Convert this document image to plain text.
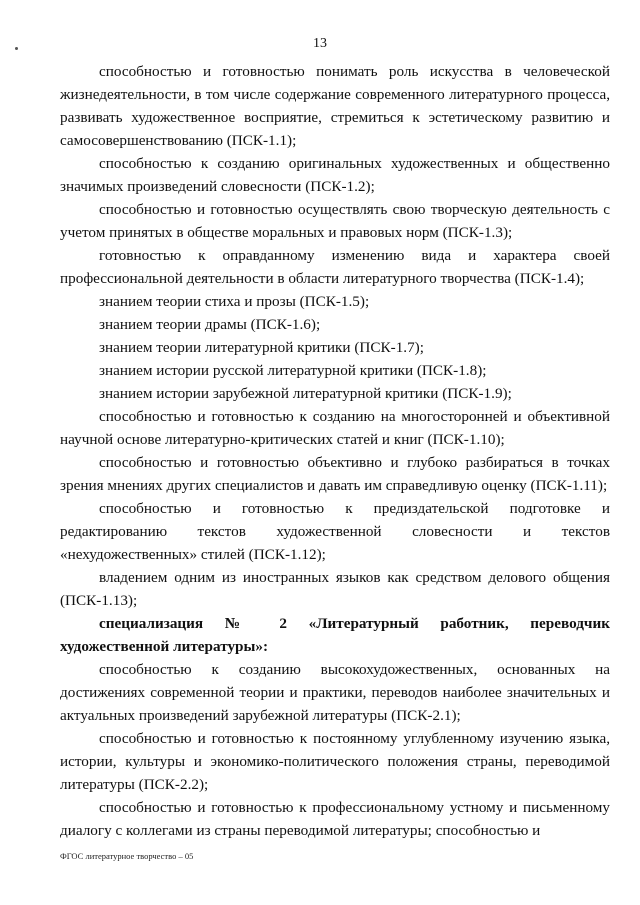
13

способностью и готовностью понимать роль искусства в человеческой жизнедеятельности, в том числе содержание современного литературного процесса, развивать художественное восприятие, стремиться к эстетическому развитию и самосовершенствованию (ПСК-1.1);

способностью к созданию оригинальных художественных и общественно значимых произведений словесности (ПСК-1.2);

способностью и готовностью осуществлять свою творческую деятельность с учетом принятых в обществе моральных и правовых норм (ПСК-1.3);

готовностью к оправданному изменению вида и характера своей профессиональной деятельности в области литературного творчества (ПСК-1.4);

знанием теории стиха и прозы (ПСК-1.5);

знанием теории драмы (ПСК-1.6);

знанием теории литературной критики (ПСК-1.7);

знанием истории русской литературной критики (ПСК-1.8);

знанием истории зарубежной литературной критики (ПСК-1.9);

способностью и готовностью к созданию на многосторонней и объективной научной основе литературно-критических статей и книг (ПСК-1.10);

способностью и готовностью объективно и глубоко разбираться в точках зрения мнениях других специалистов и давать им справедливую оценку (ПСК-1.11);

способностью и готовностью к предиздательской подготовке и редактированию текстов художественной словесности и текстов «нехудожественных» стилей (ПСК-1.12);

владением одним из иностранных языков как средством делового общения (ПСК-1.13);

специализация № 2 «Литературный работник, переводчик художественной литературы»:

способностью к созданию высокохудожественных, основанных на достижениях современной теории и практики, переводов наиболее значительных и актуальных произведений зарубежной литературы (ПСК-2.1);

способностью и готовностью к постоянному углубленному изучению языка, истории, культуры и экономико-политического положения страны, переводимой литературы (ПСК-2.2);

способностью и готовностью к профессиональному устному и письменному диалогу с коллегами из страны переводимой литературы; способностью и

ФГОС литературное творчество – 05
